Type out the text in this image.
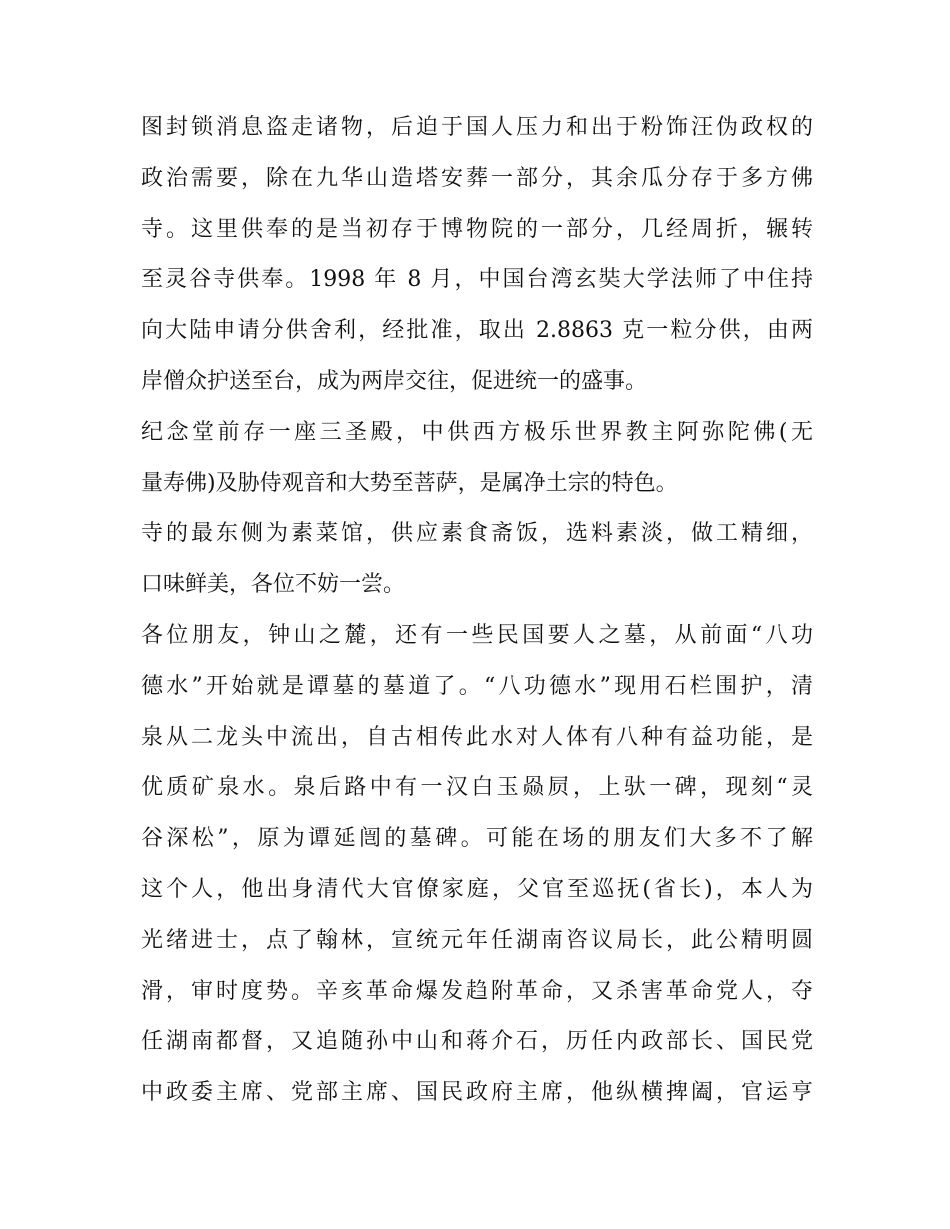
图封锁消息盗走诸物，后迫于国人压力和出于粉饰汪伪政权的
政治需要，除在九华山造塔安葬一部分，其余瓜分存于多方佛
寺。这里供奉的是当初存于博物院的一部分，几经周折，辗转
至灵谷寺供奉。1998 年 8 月，中国台湾玄奘大学法师了中住持
向大陆申请分供舍利，经批准，取出 2.8863 克一粒分供，由两
岸僧众护送至台，成为两岸交往，促进统一的盛事。
纪念堂前存一座三圣殿，中供西方极乐世界教主阿弥陀佛(无
量寿佛)及胁侍观音和大势至菩萨，是属净土宗的特色。
寺的最东侧为素菜馆，供应素食斋饭，选料素淡，做工精细，
口味鲜美，各位不妨一尝。
各位朋友，钟山之麓，还有一些民国要人之墓，从前面“八功
德水”开始就是谭墓的墓道了。“八功德水”现用石栏围护，清
泉从二龙头中流出，自古相传此水对人体有八种有益功能，是
优质矿泉水。泉后路中有一汉白玉赑屃，上驮一碑，现刻“灵
谷深松”，原为谭延闿的墓碑。可能在场的朋友们大多不了解
这个人，他出身清代大官僚家庭，父官至巡抚(省长)，本人为
光绪进士，点了翰林，宣统元年任湖南咨议局长，此公精明圆
滑，审时度势。辛亥革命爆发趋附革命，又杀害革命党人，夺
任湖南都督，又追随孙中山和蒋介石，历任内政部长、国民党
中政委主席、党部主席、国民政府主席，他纵横捭阖，官运亨
